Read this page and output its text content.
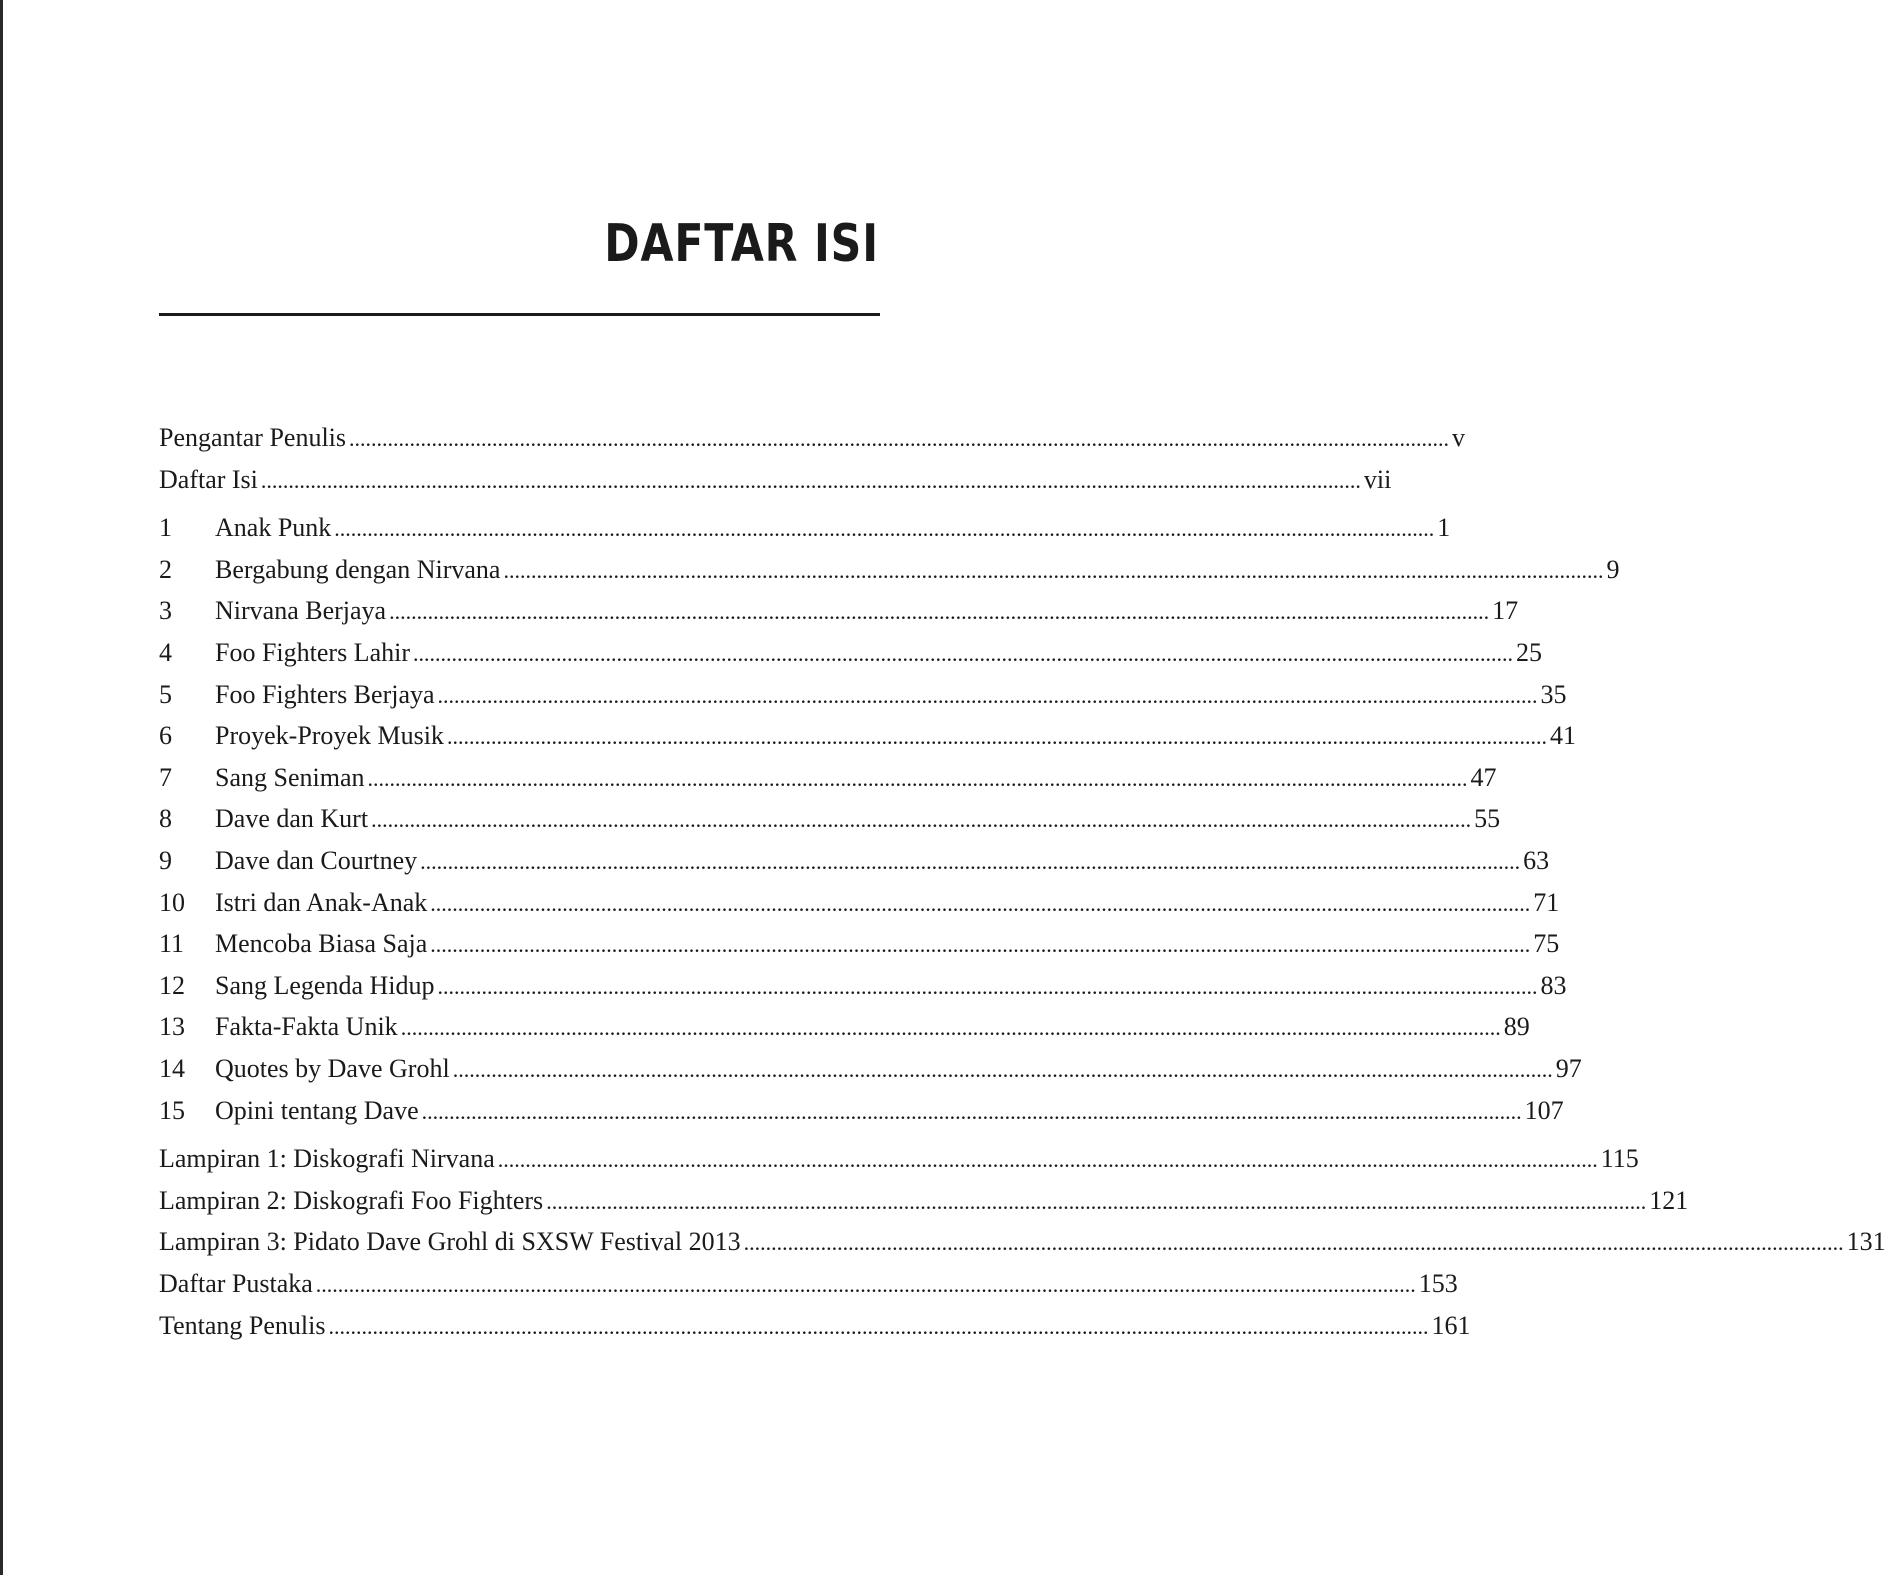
DAFTAR ISI
Pengantar Penulis ........................................................................................................................................................................................................ v
Daftar Isi ........................................................................................................................................................................................................ vii
1	Anak Punk ........................................................................................................................................................................................................ 1
2	Bergabung dengan Nirvana ........................................................................................................................................................................................................ 9
3	Nirvana Berjaya ........................................................................................................................................................................................................ 17
4	Foo Fighters Lahir ........................................................................................................................................................................................................ 25
5	Foo Fighters Berjaya ........................................................................................................................................................................................................ 35
6	Proyek-Proyek Musik ........................................................................................................................................................................................................ 41
7	Sang Seniman ........................................................................................................................................................................................................ 47
8	Dave dan Kurt ........................................................................................................................................................................................................ 55
9	Dave dan Courtney ........................................................................................................................................................................................................ 63
10	Istri dan Anak-Anak ........................................................................................................................................................................................................ 71
11	Mencoba Biasa Saja ........................................................................................................................................................................................................ 75
12	Sang Legenda Hidup ........................................................................................................................................................................................................ 83
13	Fakta-Fakta Unik ........................................................................................................................................................................................................ 89
14	Quotes by Dave Grohl ........................................................................................................................................................................................................ 97
15	Opini tentang Dave ........................................................................................................................................................................................................ 107
Lampiran 1: Diskografi Nirvana ........................................................................................................................................................................................................ 115
Lampiran 2: Diskografi Foo Fighters ........................................................................................................................................................................................................ 121
Lampiran 3: Pidato Dave Grohl di SXSW Festival 2013 ........................................................................................................................................................................................................ 131
Daftar Pustaka ........................................................................................................................................................................................................ 153
Tentang Penulis ........................................................................................................................................................................................................ 161
